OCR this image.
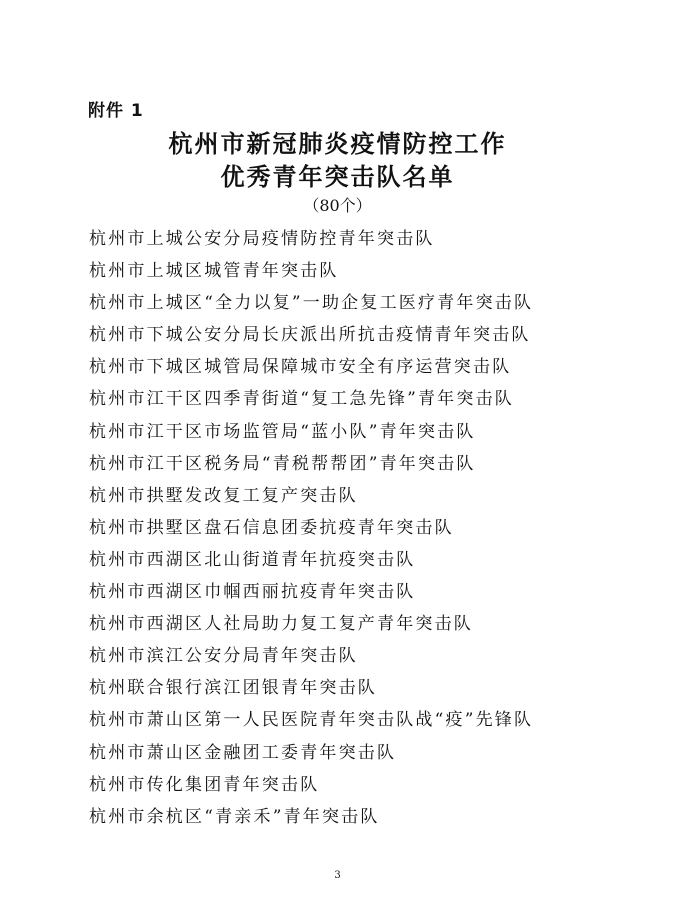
附件 1
杭州市新冠肺炎疫情防控工作
优秀青年突击队名单
（80个）
杭州市上城公安分局疫情防控青年突击队
杭州市上城区城管青年突击队
杭州市上城区“全力以复”一助企复工医疗青年突击队
杭州市下城公安分局长庆派出所抗击疫情青年突击队
杭州市下城区城管局保障城市安全有序运营突击队
杭州市江干区四季青街道“复工急先锋”青年突击队
杭州市江干区市场监管局“蓝小队”青年突击队
杭州市江干区税务局“青税帮帮团”青年突击队
杭州市拱墅发改复工复产突击队
杭州市拱墅区盘石信息团委抗疫青年突击队
杭州市西湖区北山街道青年抗疫突击队
杭州市西湖区巾帼西丽抗疫青年突击队
杭州市西湖区人社局助力复工复产青年突击队
杭州市滨江公安分局青年突击队
杭州联合银行滨江团银青年突击队
杭州市萧山区第一人民医院青年突击队战“疫”先锋队
杭州市萧山区金融团工委青年突击队
杭州市传化集团青年突击队
杭州市余杭区“青亲禾”青年突击队
3
